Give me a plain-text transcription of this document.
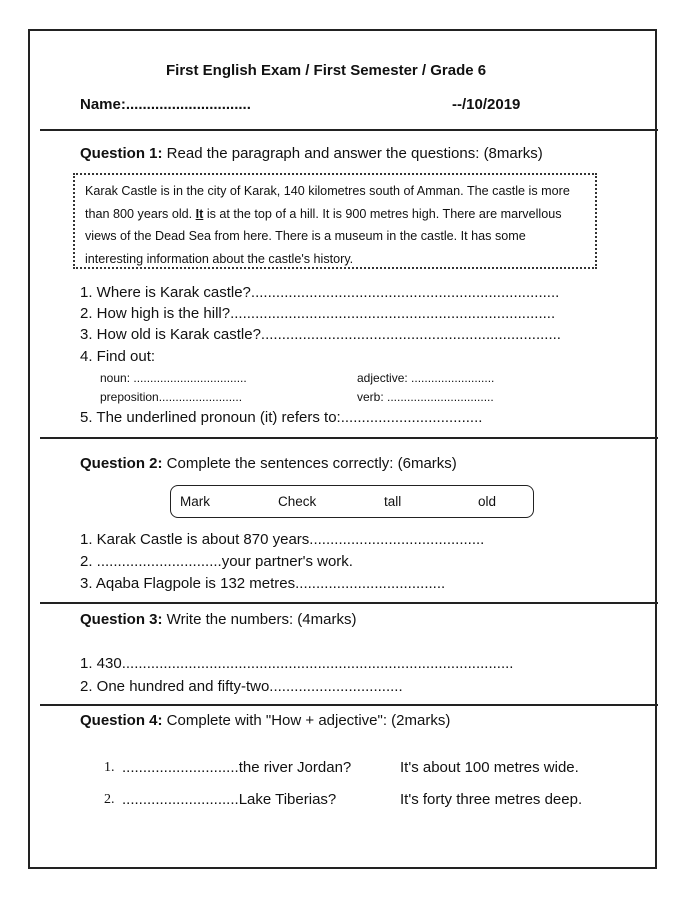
First English Exam / First Semester / Grade 6
Name:..............................	--/10/2019
Question 1: Read the paragraph and answer the questions: (8marks)
Karak Castle is in the city of Karak, 140 kilometres south of Amman. The castle is more than 800 years old. It is at the top of a hill. It is 900 metres high. There are marvellous views of the Dead Sea from here. There is a museum in the castle. It has some interesting information about the castle's history.
1. Where is Karak castle?..........................................................................
2. How high is the hill?..............................................................................
3. How old is Karak castle?........................................................................
4. Find out:
noun: ..................................	adjective: .........................
preposition.........................	verb: ................................
5. The underlined pronoun (it) refers to:..................................
Question 2: Complete the sentences correctly: (6marks)
Mark	Check	tall	old
1. Karak Castle is about 870 years..........................................
2. ..............................your partner's work.
3. Aqaba Flagpole is 132 metres....................................
Question 3: Write the numbers: (4marks)
1. 430..............................................................................................
2. One hundred and fifty-two................................
Question 4: Complete with "How + adjective": (2marks)
1. ............................the river Jordan?	It's about 100 metres wide.
2. ............................Lake Tiberias?	It's forty three metres deep.
